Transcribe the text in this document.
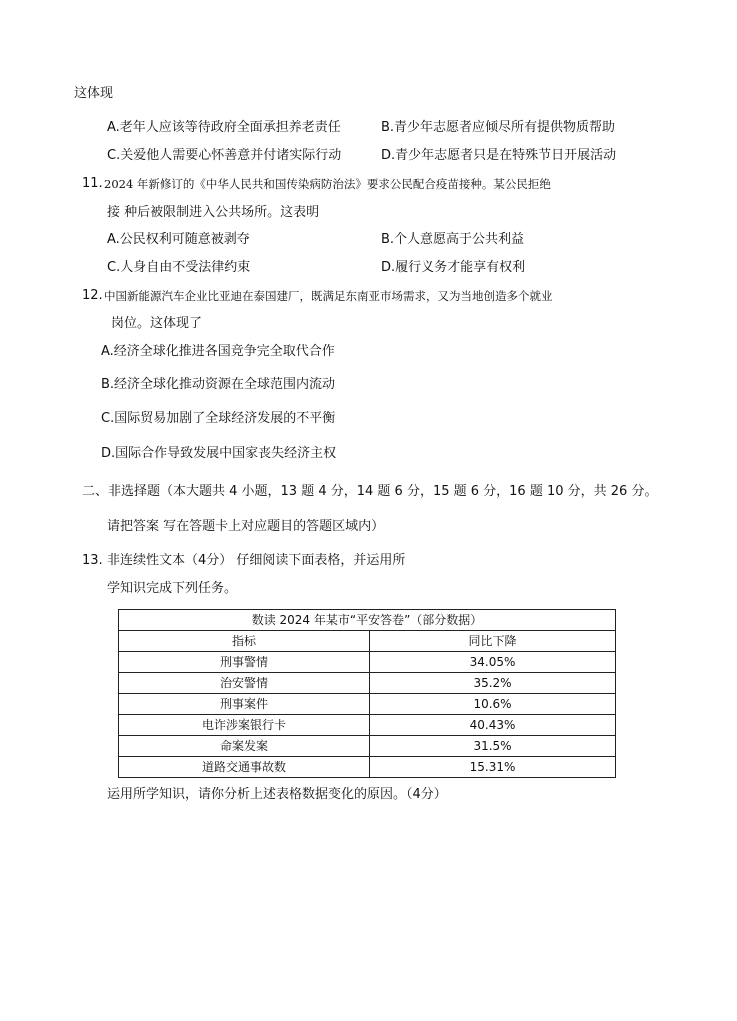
这体现
A.老年人应该等待政府全面承担养老责任	B.青少年志愿者应倾尽所有提供物质帮助
C.关爱他人需要心怀善意并付诸实际行动	D.青少年志愿者只是在特殊节日开展活动
11. 2024 年新修订的《中华人民共和国传染病防治法》要求公民配合疫苗接种。某公民拒绝
接 种后被限制进入公共场所。这表明
A.公民权利可随意被剥夺	B.个人意愿高于公共利益
C.人身自由不受法律约束	D.履行义务才能享有权利
12. 中国新能源汽车企业比亚迪在泰国建厂，既满足东南亚市场需求，又为当地创造多个就业
岗位。这体现了
A.经济全球化推进各国竞争完全取代合作
B.经济全球化推动资源在全球范围内流动
C.国际贸易加剧了全球经济发展的不平衡
D.国际合作导致发展中国家丧失经济主权
二、非选择题（本大题共 4 小题，13 题 4 分，14 题 6 分，15 题 6 分，16 题 10 分，共 26 分。
请把答案 写在答题卡上对应题目的答题区域内）
13. 非连续性文本（4分） 仔细阅读下面表格，并运用所
学知识完成下列任务。
数读 2024 年某市“平安答卷”（部分数据）	
指标	同比下降
刑事警情	34.05%
治安警情	35.2%
刑事案件	10.6%
电诈涉案银行卡	40.43%
命案发案	31.5%
道路交通事故数	15.31%
运用所学知识，请你分析上述表格数据变化的原因。（4分）
